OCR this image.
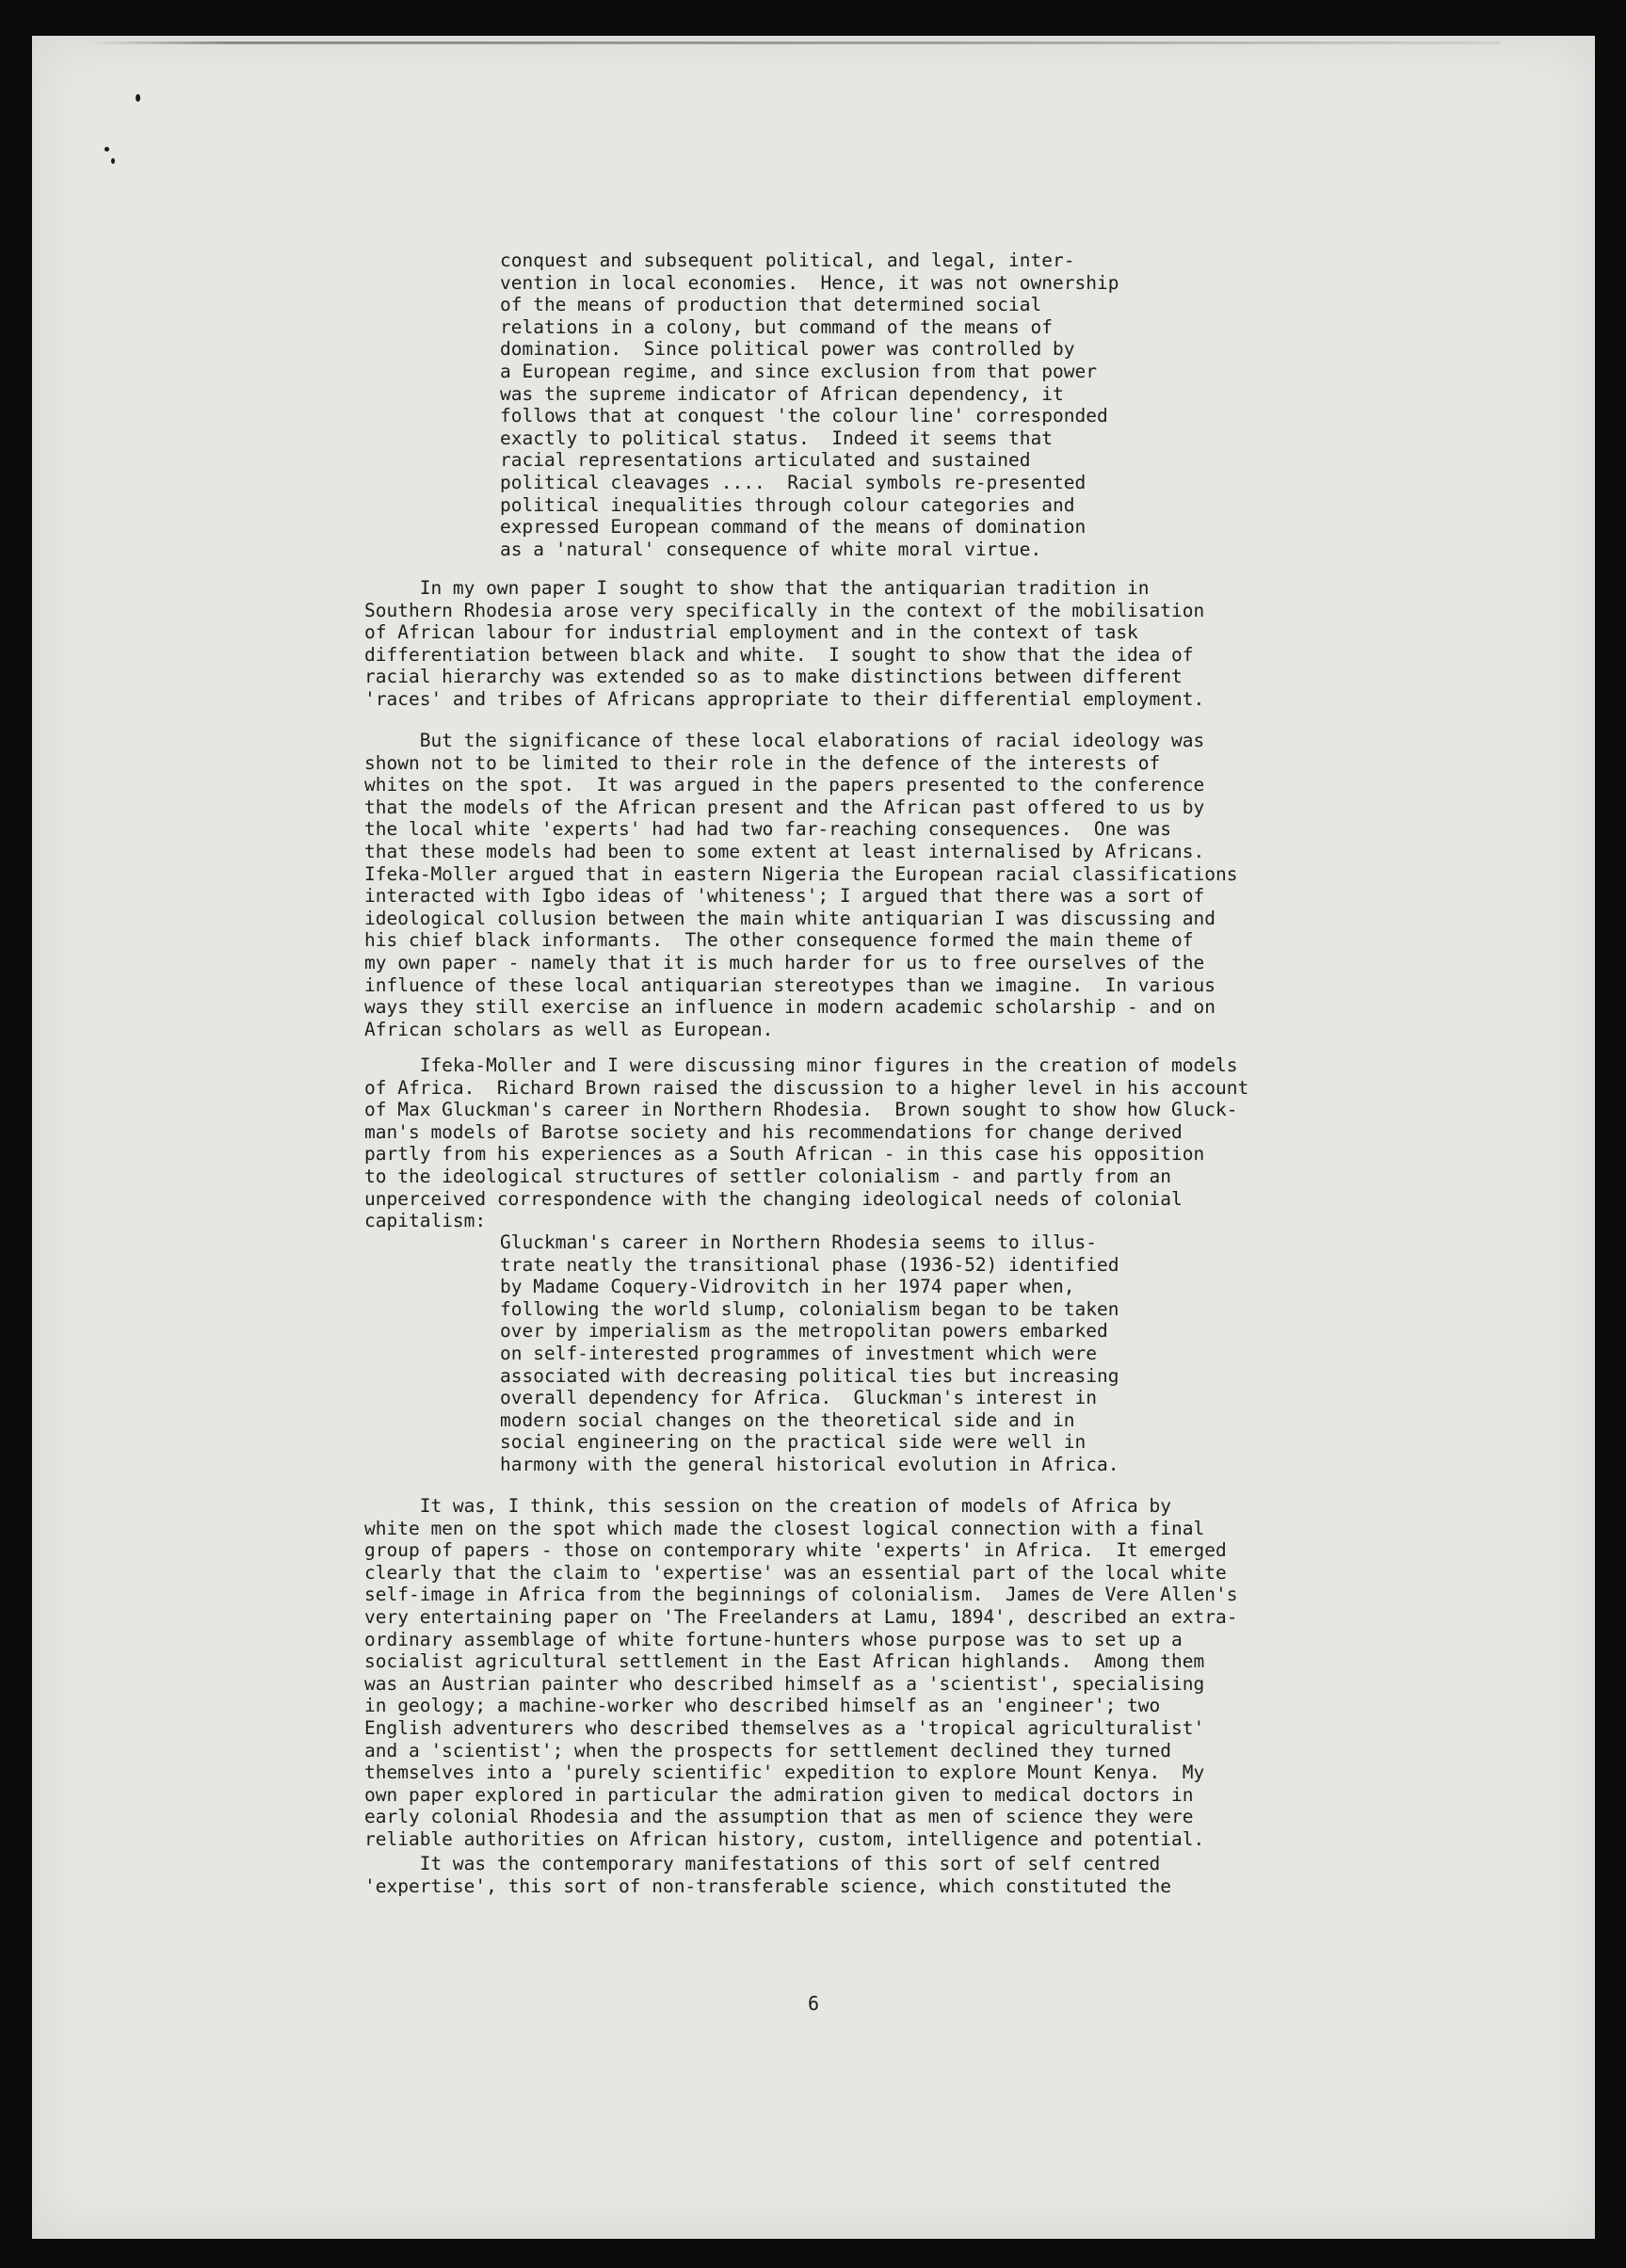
conquest and subsequent political, and legal, inter-
vention in local economies.  Hence, it was not ownership
of the means of production that determined social
relations in a colony, but command of the means of
domination.  Since political power was controlled by
a European regime, and since exclusion from that power
was the supreme indicator of African dependency, it
follows that at conquest 'the colour line' corresponded
exactly to political status.  Indeed it seems that
racial representations articulated and sustained
political cleavages ....  Racial symbols re-presented
political inequalities through colour categories and
expressed European command of the means of domination
as a 'natural' consequence of white moral virtue.
In my own paper I sought to show that the antiquarian tradition in
Southern Rhodesia arose very specifically in the context of the mobilisation
of African labour for industrial employment and in the context of task
differentiation between black and white.  I sought to show that the idea of
racial hierarchy was extended so as to make distinctions between different
'races' and tribes of Africans appropriate to their differential employment.
But the significance of these local elaborations of racial ideology was
shown not to be limited to their role in the defence of the interests of
whites on the spot.  It was argued in the papers presented to the conference
that the models of the African present and the African past offered to us by
the local white 'experts' had had two far-reaching consequences.  One was
that these models had been to some extent at least internalised by Africans.
Ifeka-Moller argued that in eastern Nigeria the European racial classifications
interacted with Igbo ideas of 'whiteness'; I argued that there was a sort of
ideological collusion between the main white antiquarian I was discussing and
his chief black informants.  The other consequence formed the main theme of
my own paper - namely that it is much harder for us to free ourselves of the
influence of these local antiquarian stereotypes than we imagine.  In various
ways they still exercise an influence in modern academic scholarship - and on
African scholars as well as European.
Ifeka-Moller and I were discussing minor figures in the creation of models
of Africa.  Richard Brown raised the discussion to a higher level in his account
of Max Gluckman's career in Northern Rhodesia.  Brown sought to show how Gluck-
man's models of Barotse society and his recommendations for change derived
partly from his experiences as a South African - in this case his opposition
to the ideological structures of settler colonialism - and partly from an
unperceived correspondence with the changing ideological needs of colonial
capitalism:
Gluckman's career in Northern Rhodesia seems to illus-
trate neatly the transitional phase (1936-52) identified
by Madame Coquery-Vidrovitch in her 1974 paper when,
following the world slump, colonialism began to be taken
over by imperialism as the metropolitan powers embarked
on self-interested programmes of investment which were
associated with decreasing political ties but increasing
overall dependency for Africa.  Gluckman's interest in
modern social changes on the theoretical side and in
social engineering on the practical side were well in
harmony with the general historical evolution in Africa.
It was, I think, this session on the creation of models of Africa by
white men on the spot which made the closest logical connection with a final
group of papers - those on contemporary white 'experts' in Africa.  It emerged
clearly that the claim to 'expertise' was an essential part of the local white
self-image in Africa from the beginnings of colonialism.  James de Vere Allen's
very entertaining paper on 'The Freelanders at Lamu, 1894', described an extra-
ordinary assemblage of white fortune-hunters whose purpose was to set up a
socialist agricultural settlement in the East African highlands.  Among them
was an Austrian painter who described himself as a 'scientist', specialising
in geology; a machine-worker who described himself as an 'engineer'; two
English adventurers who described themselves as a 'tropical agriculturalist'
and a 'scientist'; when the prospects for settlement declined they turned
themselves into a 'purely scientific' expedition to explore Mount Kenya.  My
own paper explored in particular the admiration given to medical doctors in
early colonial Rhodesia and the assumption that as men of science they were
reliable authorities on African history, custom, intelligence and potential.
It was the contemporary manifestations of this sort of self centred
'expertise', this sort of non-transferable science, which constituted the
6
